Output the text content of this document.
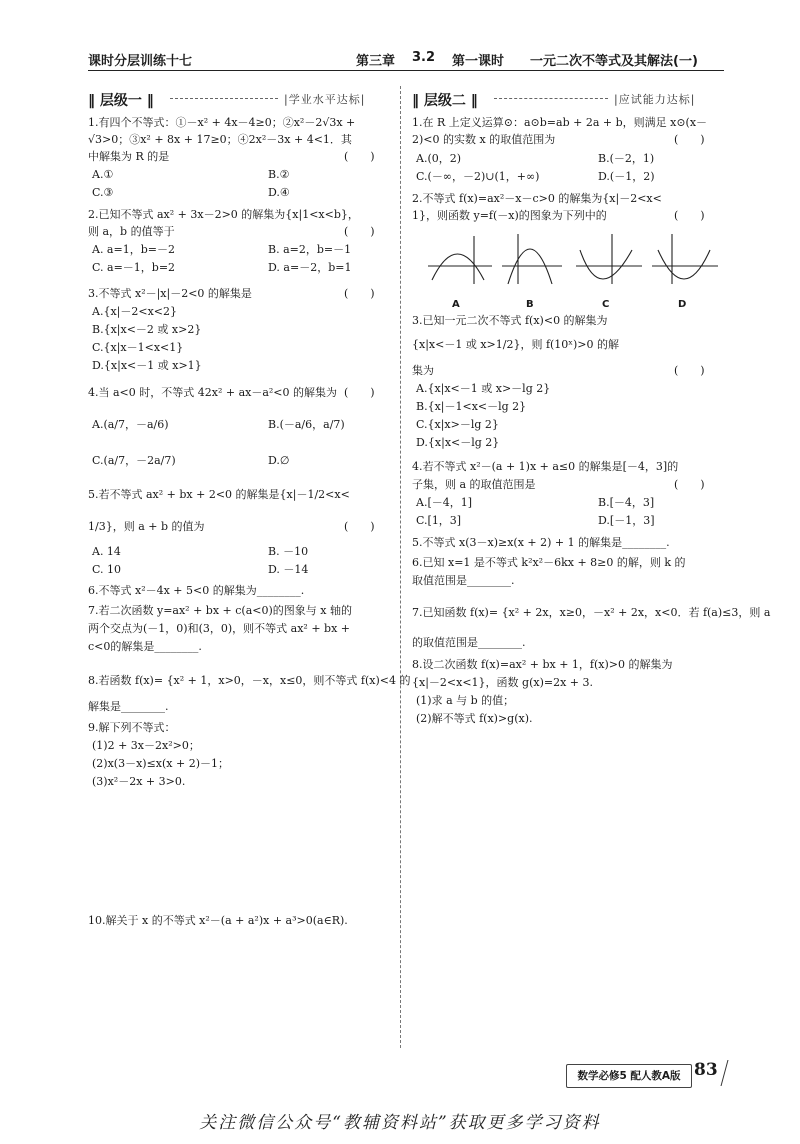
课时分层训练十七	第三章 3.2 第一课时 一元二次不等式及其解法(一)
‖ 层级一 ‖	|学业水平达标|	‖ 层级二 ‖	|应试能力达标|
1.有四个不等式：①－x² + 4x－4≥0；②x²－2√3x +
√3>0；③x² + 8x + 17≥0；④2x²－3x + 4<1．其
中解集为 R 的是	(　　)
A.①	B.②
C.③	D.④
2.已知不等式 ax² + 3x－2>0 的解集为{x|1<x<b}，
则 a，b 的值等于	(　　)
A. a=1，b=－2	B. a=2，b=－1
C. a=－1，b=2	D. a=－2，b=1
3.不等式 x²－|x|－2<0 的解集是	(　　)
A.{x|－2<x<2}
B.{x|x<－2 或 x>2}
C.{x|x－1<x<1}
D.{x|x<－1 或 x>1}
4.当 a<0 时，不等式 42x² + ax－a²<0 的解集为 (　　)
A.(a/7，－a/6)	B.(－a/6，a/7)
C.(a/7，－2a/7)	D.∅
5.若不等式 ax² + bx + 2<0 的解集是{x|－1/2<x<
1/3}，则 a + b 的值为	(　　)
A. 14	B. －10
C. 10	D. －14
6.不等式 x²－4x + 5<0 的解集为________.
7.若二次函数 y=ax² + bx + c(a<0)的图象与 x 轴的
两个交点为(－1，0)和(3，0)，则不等式 ax² + bx +
c<0的解集是________.
8.若函数 f(x)= {x² + 1，x>0，－x，x≤0，则不等式 f(x)<4 的
解集是________.
9.解下列不等式：
(1)2 + 3x－2x²>0；
(2)x(3－x)≤x(x + 2)－1；
(3)x²－2x + 3>0.
10.解关于 x 的不等式 x²－(a + a²)x + a³>0(a∈R).
1.在 R 上定义运算⊙：a⊙b=ab + 2a + b，则满足 x⊙(x－
2)<0 的实数 x 的取值范围为	(　　)
A.(0，2)	B.(－2，1)
C.(－∞，－2)∪(1，+∞)	D.(－1，2)
2.不等式 f(x)=ax²－x－c>0 的解集为{x|－2<x<
1}，则函数 y=f(－x)的图象为下列中的	(　　)
A	B	C	D
3.已知一元二次不等式 f(x)<0 的解集为
{x|x<－1 或 x>1/2}，则 f(10ˣ)>0 的解
集为	(　　)
A.{x|x<－1 或 x>－lg 2}
B.{x|－1<x<－lg 2}
C.{x|x>－lg 2}
D.{x|x<－lg 2}
4.若不等式 x²－(a + 1)x + a≤0 的解集是[－4，3]的
子集，则 a 的取值范围是	(　　)
A.[－4，1]	B.[－4，3]
C.[1，3]	D.[－1，3]
5.不等式 x(3－x)≥x(x + 2) + 1 的解集是________.
6.已知 x=1 是不等式 k²x²－6kx + 8≥0 的解，则 k 的
取值范围是________.
7.已知函数 f(x)= {x² + 2x，x≥0，－x² + 2x，x<0．若 f(a)≤3，则 a
的取值范围是________.
8.设二次函数 f(x)=ax² + bx + 1，f(x)>0 的解集为
{x|－2<x<1}，函数 g(x)=2x + 3.
(1)求 a 与 b 的值；
(2)解不等式 f(x)>g(x).
数学必修5 配人教A版 83
关注微信公众号“教辅资料站”获取更多学习资料
